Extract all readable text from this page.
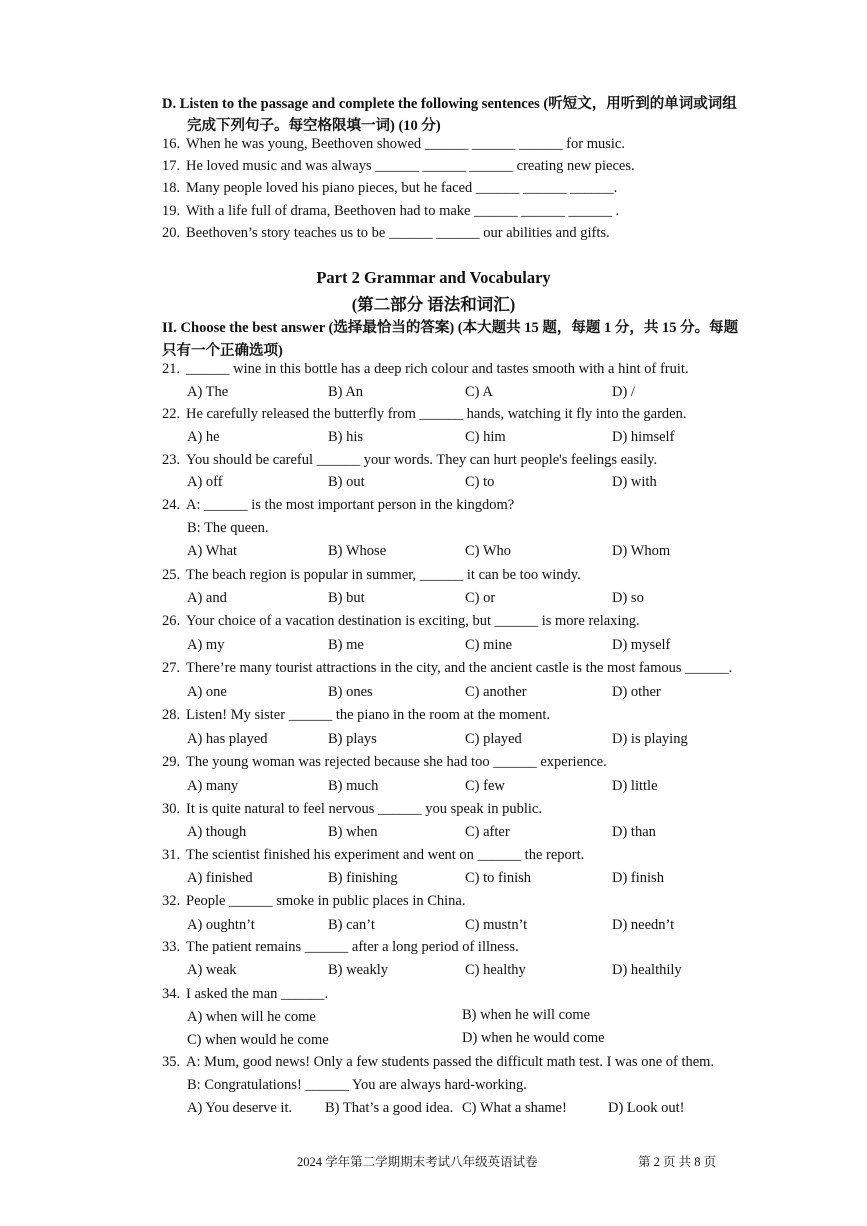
D. Listen to the passage and complete the following sentences (听短文，用听到的单词或词组
完成下列句子。每空格限填一词) (10 分)
16. When he was young, Beethoven showed ______ ______ ______ for music.
17. He loved music and was always ______ ______ ______ creating new pieces.
18. Many people loved his piano pieces, but he faced ______ ______ ______.
19. With a life full of drama, Beethoven had to make ______ ______ ______ .
20. Beethoven’s story teaches us to be ______ ______ our abilities and gifts.
Part 2 Grammar and Vocabulary
(第二部分 语法和词汇)
II. Choose the best answer (选择最恰当的答案) (本大题共 15 题，每题 1 分，共 15 分。每题
只有一个正确选项)
21. ______ wine in this bottle has a deep rich colour and tastes smooth with a hint of fruit.
A) The	B) An	C) A	D) /
22. He carefully released the butterfly from ______ hands, watching it fly into the garden.
A) he	B) his	C) him	D) himself
23. You should be careful ______ your words. They can hurt people's feelings easily.
A) off	B) out	C) to	D) with
24. A: ______ is the most important person in the kingdom?
B: The queen.
A) What	B) Whose	C) Who	D) Whom
25. The beach region is popular in summer, ______ it can be too windy.
A) and	B) but	C) or	D) so
26. Your choice of a vacation destination is exciting, but ______ is more relaxing.
A) my	B) me	C) mine	D) myself
27. There’re many tourist attractions in the city, and the ancient castle is the most famous ______.
A) one	B) ones	C) another	D) other
28. Listen! My sister ______ the piano in the room at the moment.
A) has played	B) plays	C) played	D) is playing
29. The young woman was rejected because she had too ______ experience.
A) many	B) much	C) few	D) little
30. It is quite natural to feel nervous ______ you speak in public.
A) though	B) when	C) after	D) than
31. The scientist finished his experiment and went on ______ the report.
A) finished	B) finishing	C) to finish	D) finish
32. People ______ smoke in public places in China.
A) oughtn’t	B) can’t	C) mustn’t	D) needn’t
33. The patient remains ______ after a long period of illness.
A) weak	B) weakly	C) healthy	D) healthily
34. I asked the man ______.
A) when will he come	B) when he will come
C) when would he come	D) when he would come
35. A: Mum, good news! Only a few students passed the difficult math test. I was one of them.
B: Congratulations! ______ You are always hard-working.
A) You deserve it. B) That’s a good idea. C) What a shame!	D) Look out!
2024 学年第二学期期末考试八年级英语试卷	第 2 页 共 8 页
